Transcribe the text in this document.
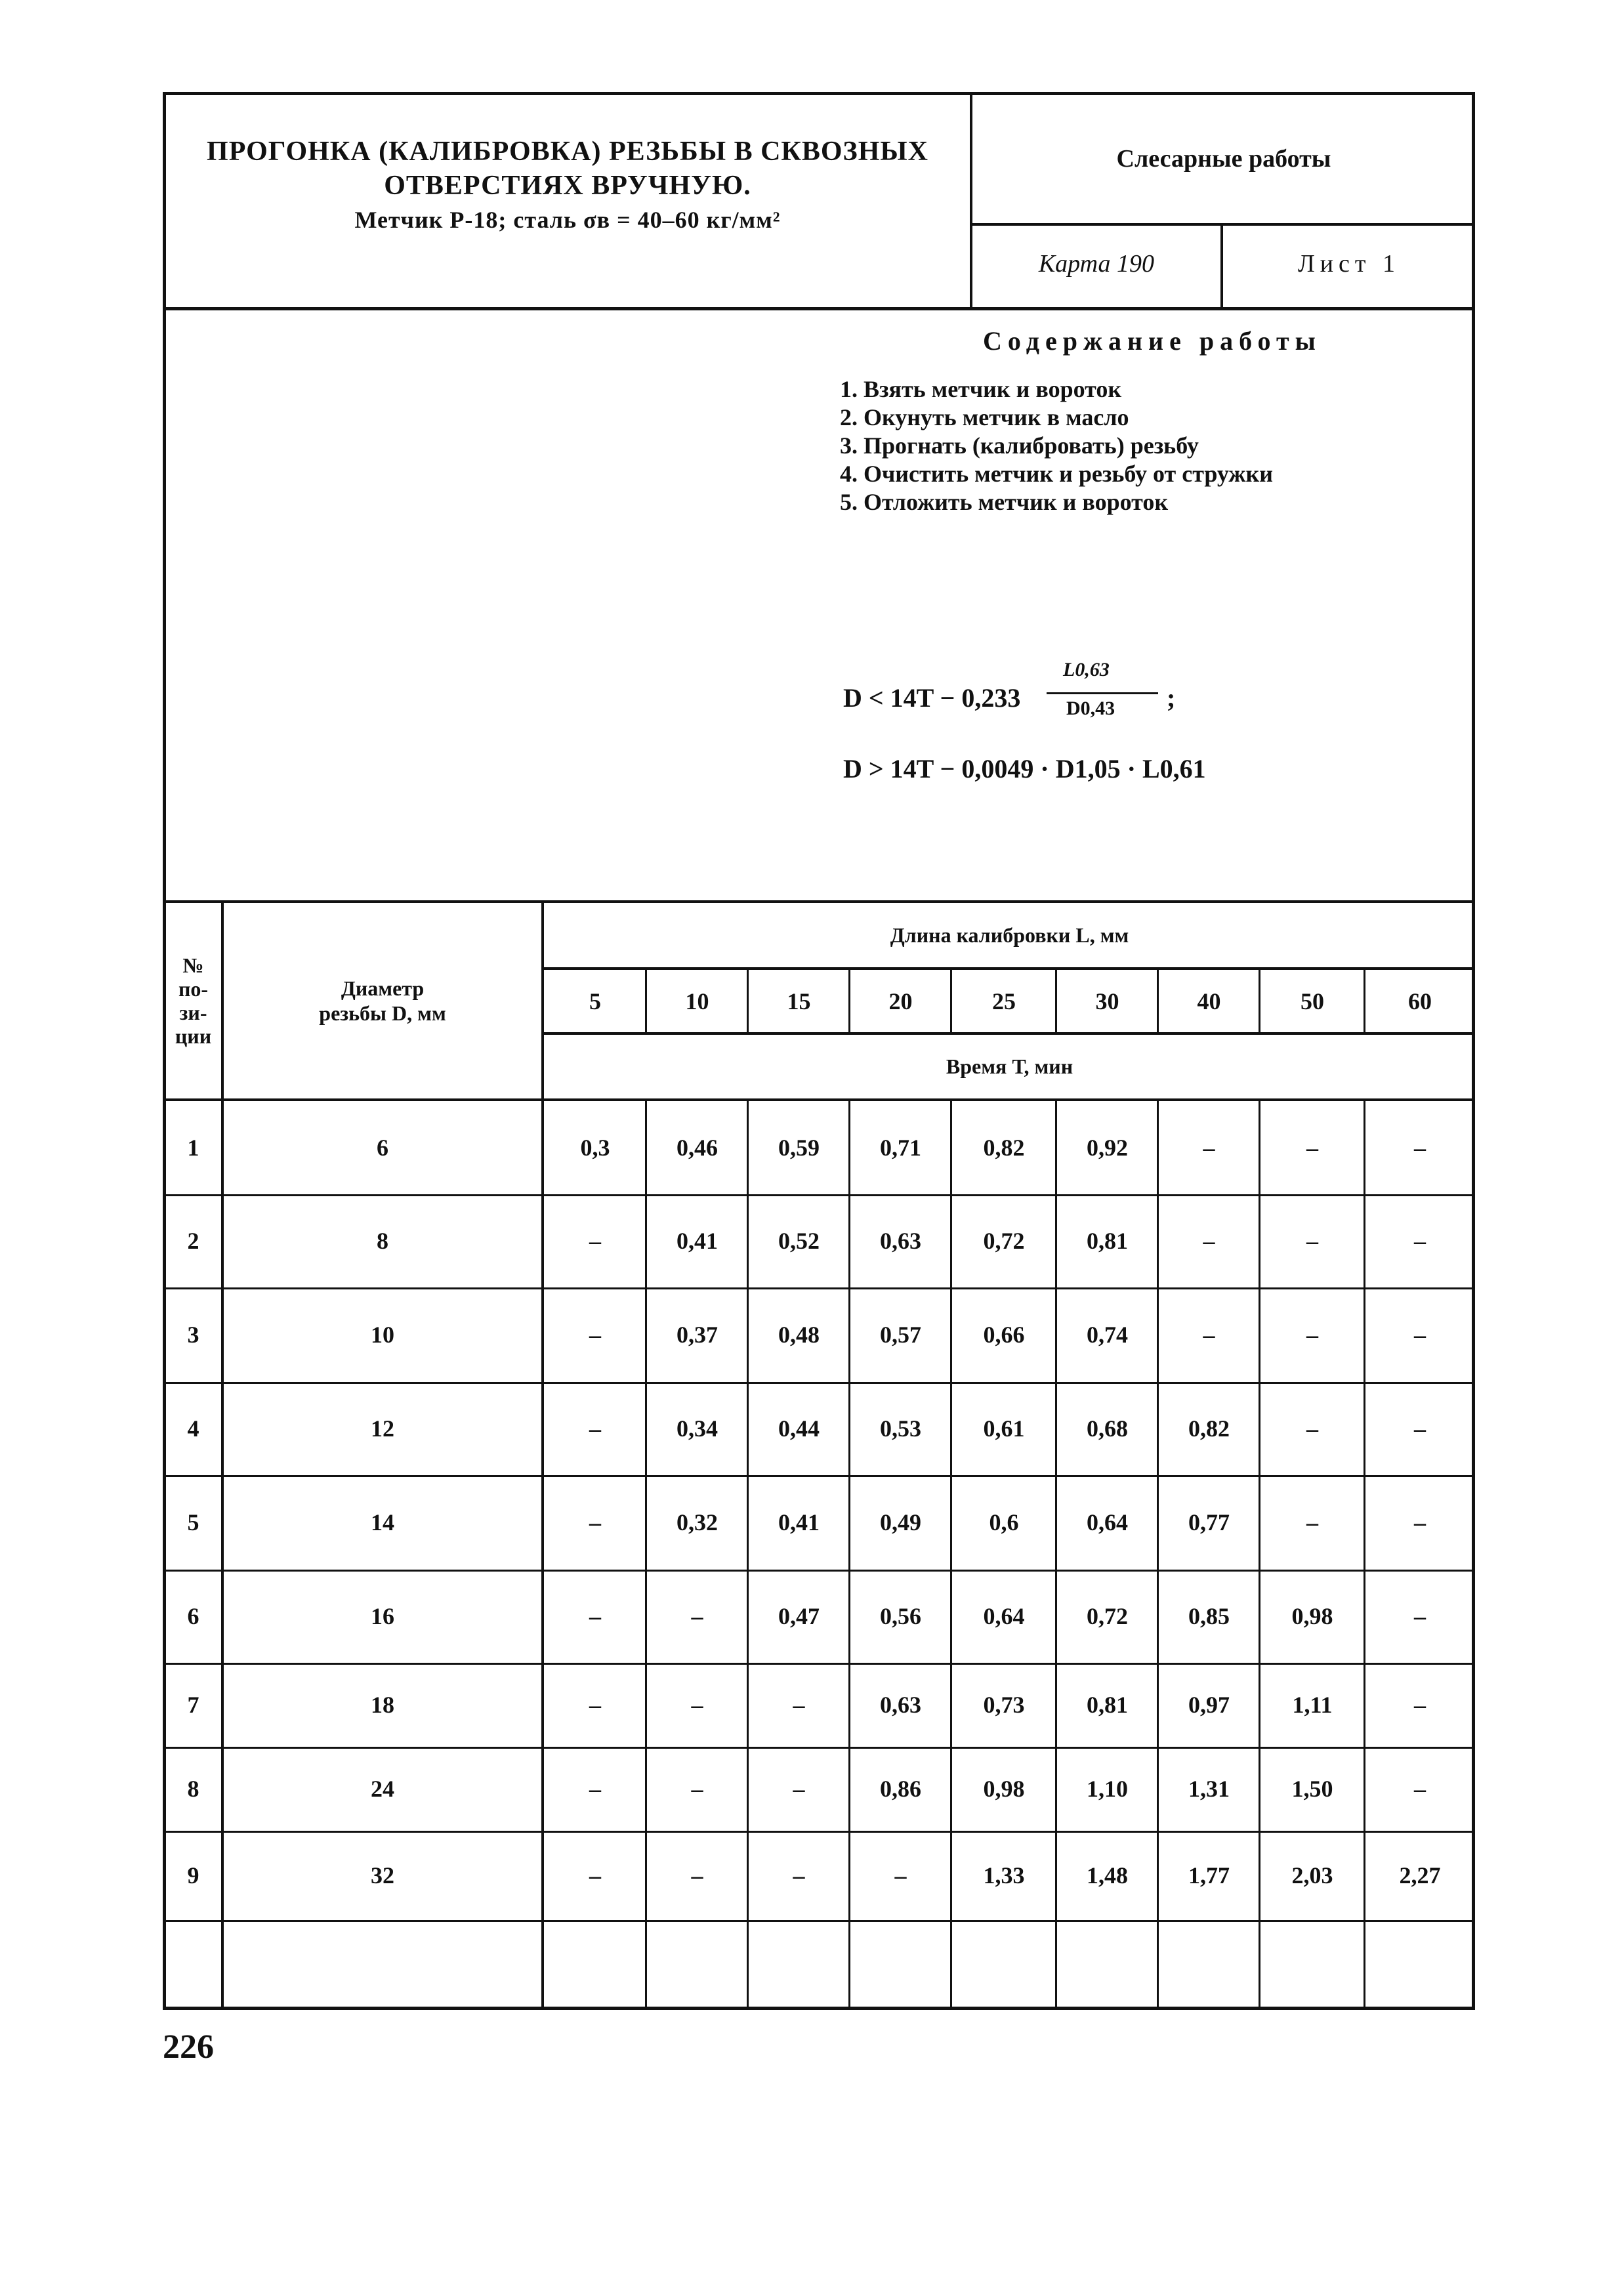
ПРОГОНКА (КАЛИБРОВКА) РЕЗЬБЫ В СКВОЗНЫХ
ОТВЕРСТИЯХ ВРУЧНУЮ.
Метчик Р-18; сталь σв = 40–60 кг/мм²
Слесарные работы
Карта 190	Лист 1
Содержание работы
1. Взять метчик и вороток
2. Окунуть метчик в масло
3. Прогнать (калибровать) резьбу
4. Очистить метчик и резьбу от стружки
5. Отложить метчик и вороток
D < 14T − 0,233
L0,63
D0,43 ;
D > 14T − 0,0049 · D1,05 · L0,61
5	10	15	20	25	30	40	50	60
1	6	0,3	0,46	0,59	0,71	0,82	0,92	–	–	–
2	8	–	0,41	0,52	0,63	0,72	0,81	–	–	–
3	10	–	0,37	0,48	0,57	0,66	0,74	–	–	–
4	12	–	0,34	0,44	0,53	0,61	0,68	0,82	–	–
5	14	–	0,32	0,41	0,49	0,6	0,64	0,77	–	–
6	16	–	–	0,47	0,56	0,64	0,72	0,85	0,98	–
7	18	–	–	–	0,63	0,73	0,81	0,97	1,11	–
8	24	–	–	–	0,86	0,98	1,10	1,31	1,50	–
9	32	–	–	–	–	1,33	1,48	1,77	2,03	2,27
№ по- зи- ции
Диаметр резьбы D, мм
Длина калибровки L, мм
Время Т, мин
226
